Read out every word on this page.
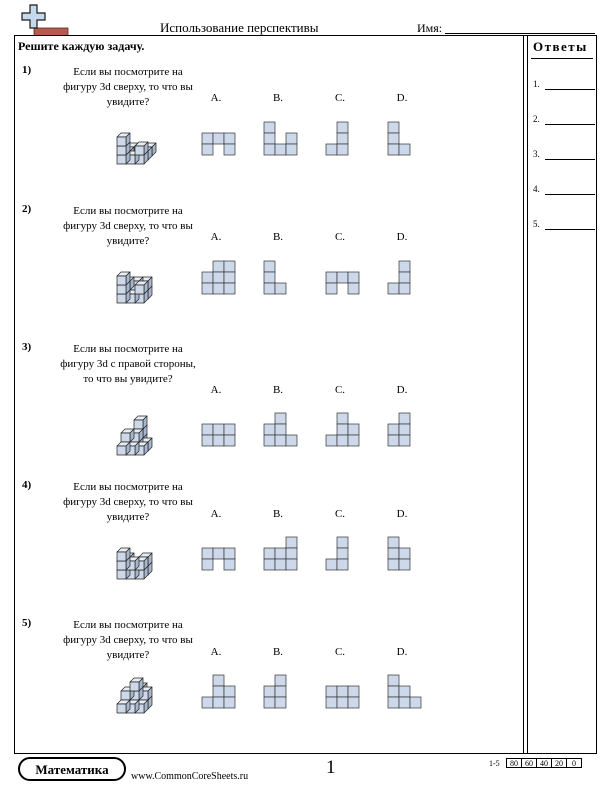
Использование перспективы	Имя:
Решите каждую задачу.	Ответы
1.
2.
3.
4.
5.
1)	Если вы посмотрите на фигуру 3d сверху, то что вы увидите?	A.	B.	C.	D.
2)	Если вы посмотрите на фигуру 3d сверху, то что вы увидите?	A.	B.	C.	D.
3)	Если вы посмотрите на фигуру 3d с правой стороны, то что вы увидите?
A.	B.	C.	D.
4)	Если вы посмотрите на фигуру 3d сверху, то что вы увидите?	A.	B.	C.	D.
5)	Если вы посмотрите на фигуру 3d сверху, то что вы увидите?	A.	B.	C.	D.
Математика	www.CommonCoreSheets.ru	1	1-5	80 60 40 20	0
